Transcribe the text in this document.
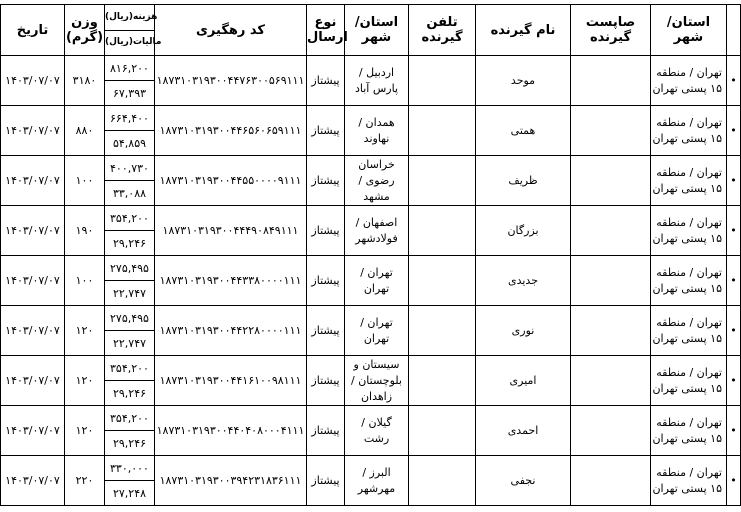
تاریخ	وزن (گرم)	هزینه(ریال)	کد رهگیری	نوع ارسال	استان/ شهر	تلفن گیرنده	نام گیرنده	صاپست گیرنده	استان/ شهر	
		مالیات(ریال)								
۱۴۰۳/۰۷/۰۷	۳۱۸۰	۸۱۶,۲۰۰	۱۸۷۳۱۰۳۱۹۳۰۰۴۴۷۶۳۰۰۵۶۹۱۱۱	پیشتاز	اردبیل / پارس آباد		موحد		تهران / منطقه ۱۵ پستی تهران	•
		۶۷,۳۹۳								
۱۴۰۳/۰۷/۰۷	۸۸۰	۶۶۴,۴۰۰	۱۸۷۳۱۰۳۱۹۳۰۰۴۴۶۵۶۰۶۵۹۱۱۱	پیشتاز	همدان / نهاوند		همتی		تهران / منطقه ۱۵ پستی تهران	•
		۵۴,۸۵۹								
۱۴۰۳/۰۷/۰۷	۱۰۰	۴۰۰,۷۳۰	۱۸۷۳۱۰۳۱۹۳۰۰۴۴۵۵۰۰۰۰۹۱۱۱	پیشتاز	خراسان رضوی / مشهد		ظریف		تهران / منطقه ۱۵ پستی تهران	•
		۳۳,۰۸۸								
۱۴۰۳/۰۷/۰۷	۱۹۰	۳۵۴,۲۰۰	۱۸۷۳۱۰۳۱۹۳۰۰۴۴۴۹۰۸۴۹۱۱۱	پیشتاز	اصفهان / فولادشهر		بزرگان		تهران / منطقه ۱۵ پستی تهران	•
		۲۹,۲۴۶								
۱۴۰۳/۰۷/۰۷	۱۰۰	۲۷۵,۴۹۵	۱۸۷۳۱۰۳۱۹۳۰۰۴۴۳۳۸۰۰۰۰۱۱۱	پیشتاز	تهران / تهران		جدیدی		تهران / منطقه ۱۵ پستی تهران	•
		۲۲,۷۴۷								
۱۴۰۳/۰۷/۰۷	۱۲۰	۲۷۵,۴۹۵	۱۸۷۳۱۰۳۱۹۳۰۰۴۴۲۲۸۰۰۰۰۱۱۱	پیشتاز	تهران / تهران		نوری		تهران / منطقه ۱۵ پستی تهران	•
		۲۲,۷۴۷								
۱۴۰۳/۰۷/۰۷	۱۲۰	۳۵۴,۲۰۰	۱۸۷۳۱۰۳۱۹۳۰۰۴۴۱۶۱۰۰۹۸۱۱۱	پیشتاز	سیستان و بلوچستان / زاهدان		امیری		تهران / منطقه ۱۵ پستی تهران	•
		۲۹,۲۴۶								
۱۴۰۳/۰۷/۰۷	۱۲۰	۳۵۴,۲۰۰	۱۸۷۳۱۰۳۱۹۳۰۰۴۴۰۴۰۸۰۰۰۴۱۱۱	پیشتاز	گیلان / رشت		احمدی		تهران / منطقه ۱۵ پستی تهران	•
		۲۹,۲۴۶								
۱۴۰۳/۰۷/۰۷	۲۲۰	۳۳۰,۰۰۰	۱۸۷۳۱۰۳۱۹۳۰۰۳۹۴۲۳۱۸۳۶۱۱۱	پیشتاز	البرز / مهرشهر		نجفی		تهران / منطقه ۱۵ پستی تهران	•
		۲۷,۲۴۸								
